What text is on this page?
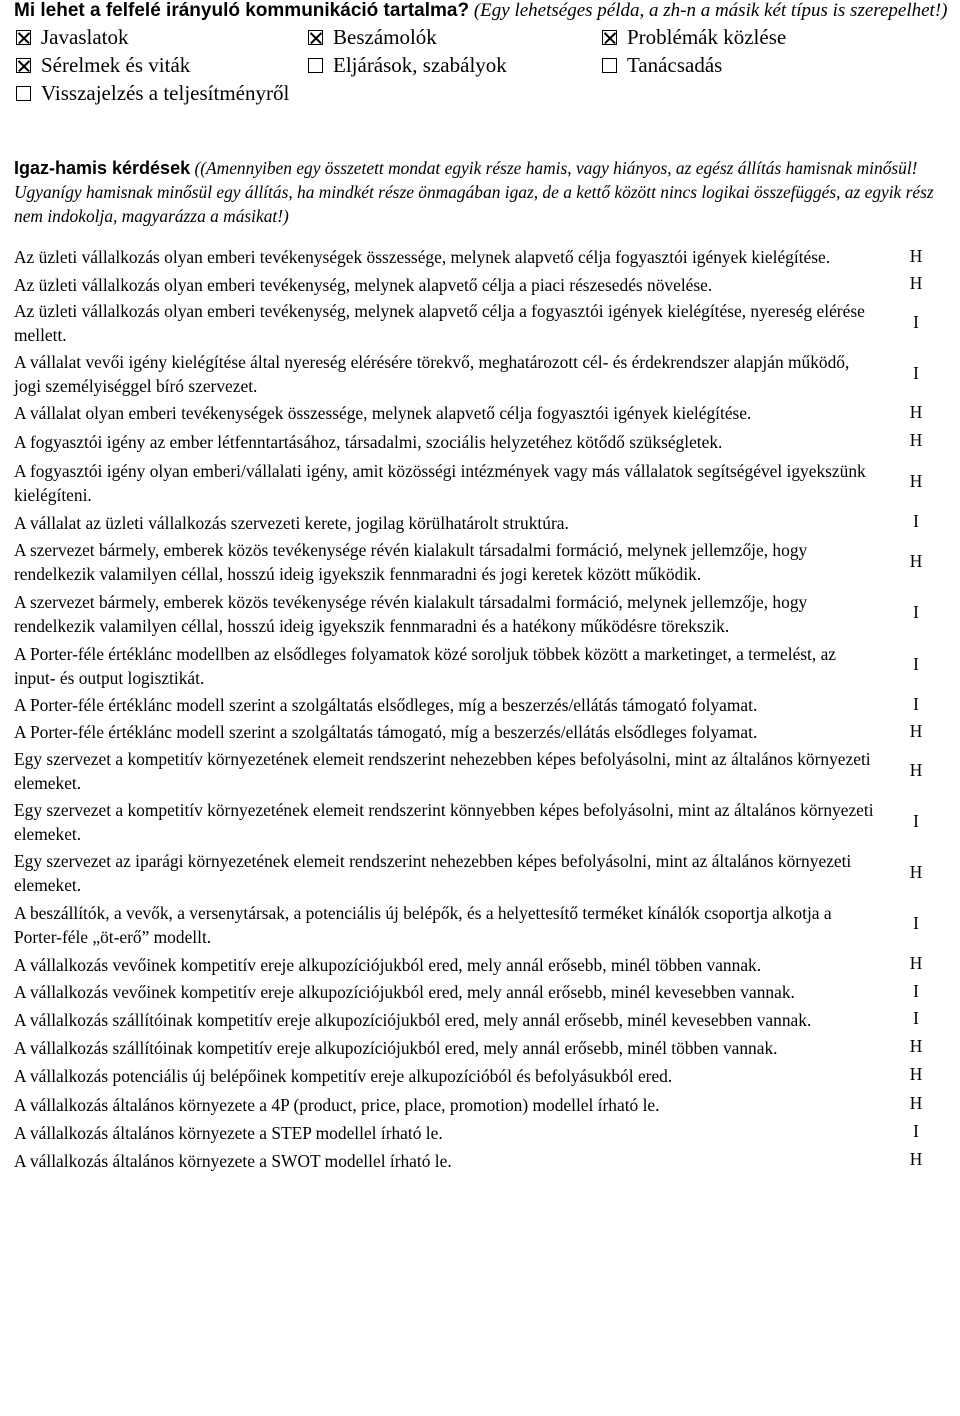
Mi lehet a felfelé irányuló kommunikáció tartalma? (Egy lehetséges példa, a zh-n a másik két típus is szerepelhet!)
Javaslatok	Beszámolók	Problémák közlése
Sérelmek és viták	Eljárások, szabályok	Tanácsadás
Visszajelzés a teljesítményről
Igaz-hamis kérdések ((Amennyiben egy összetett mondat egyik része hamis, vagy hiányos, az egész állítás hamisnak minősül! Ugyanígy hamisnak minősül egy állítás, ha mindkét része önmagában igaz, de a kettő között nincs logikai összefüggés, az egyik rész nem indokolja, magyarázza a másikat!)
Az üzleti vállalkozás olyan emberi tevékenységek összessége, melynek alapvető célja fogyasztói igények kielégítése.	H
Az üzleti vállalkozás olyan emberi tevékenység, melynek alapvető célja a piaci részesedés növelése.	H
Az üzleti vállalkozás olyan emberi tevékenység, melynek alapvető célja a fogyasztói igények kielégítése, nyereség elérése mellett.	I
A vállalat vevői igény kielégítése által nyereség elérésére törekvő, meghatározott cél- és érdekrendszer alapján működő, jogi személyiséggel bíró szervezet.	I
A vállalat olyan emberi tevékenységek összessége, melynek alapvető célja fogyasztói igények kielégítése.	H
A fogyasztói igény az ember létfenntartásához, társadalmi, szociális helyzetéhez kötődő szükségletek.	H
A fogyasztói igény olyan emberi/vállalati igény, amit közösségi intézmények vagy más vállalatok segítségével igyekszünk kielégíteni.	H
A vállalat az üzleti vállalkozás szervezeti kerete, jogilag körülhatárolt struktúra.	I
A szervezet bármely, emberek közös tevékenysége révén kialakult társadalmi formáció, melynek jellemzője, hogy rendelkezik valamilyen céllal, hosszú ideig igyekszik fennmaradni és jogi keretek között működik.	H
A szervezet bármely, emberek közös tevékenysége révén kialakult társadalmi formáció, melynek jellemzője, hogy rendelkezik valamilyen céllal, hosszú ideig igyekszik fennmaradni és a hatékony működésre törekszik.	I
A Porter-féle értéklánc modellben az elsődleges folyamatok közé soroljuk többek között a marketinget, a termelést, az input- és output logisztikát.	I
A Porter-féle értéklánc modell szerint a szolgáltatás elsődleges, míg a beszerzés/ellátás támogató folyamat.	I
A Porter-féle értéklánc modell szerint a szolgáltatás támogató, míg a beszerzés/ellátás elsődleges folyamat.	H
Egy szervezet a kompetitív környezetének elemeit rendszerint nehezebben képes befolyásolni, mint az általános környezeti elemeket.	H
Egy szervezet a kompetitív környezetének elemeit rendszerint könnyebben képes befolyásolni, mint az általános környezeti elemeket.	I
Egy szervezet az iparági környezetének elemeit rendszerint nehezebben képes befolyásolni, mint az általános környezeti elemeket.	H
A beszállítók, a vevők, a versenytársak, a potenciális új belépők, és a helyettesítő terméket kínálók csoportja alkotja a Porter-féle „öt-erő” modellt.	I
A vállalkozás vevőinek kompetitív ereje alkupozíciójukból ered, mely annál erősebb, minél többen vannak.	H
A vállalkozás vevőinek kompetitív ereje alkupozíciójukból ered, mely annál erősebb, minél kevesebben vannak.	I
A vállalkozás szállítóinak kompetitív ereje alkupozíciójukból ered, mely annál erősebb, minél kevesebben vannak.	I
A vállalkozás szállítóinak kompetitív ereje alkupozíciójukból ered, mely annál erősebb, minél többen vannak.	H
A vállalkozás potenciális új belépőinek kompetitív ereje alkupozícióból és befolyásukból ered.	H
A vállalkozás általános környezete a 4P (product, price, place, promotion) modellel írható le.	H
A vállalkozás általános környezete a STEP modellel írható le.	I
A vállalkozás általános környezete a SWOT modellel írható le.	H
